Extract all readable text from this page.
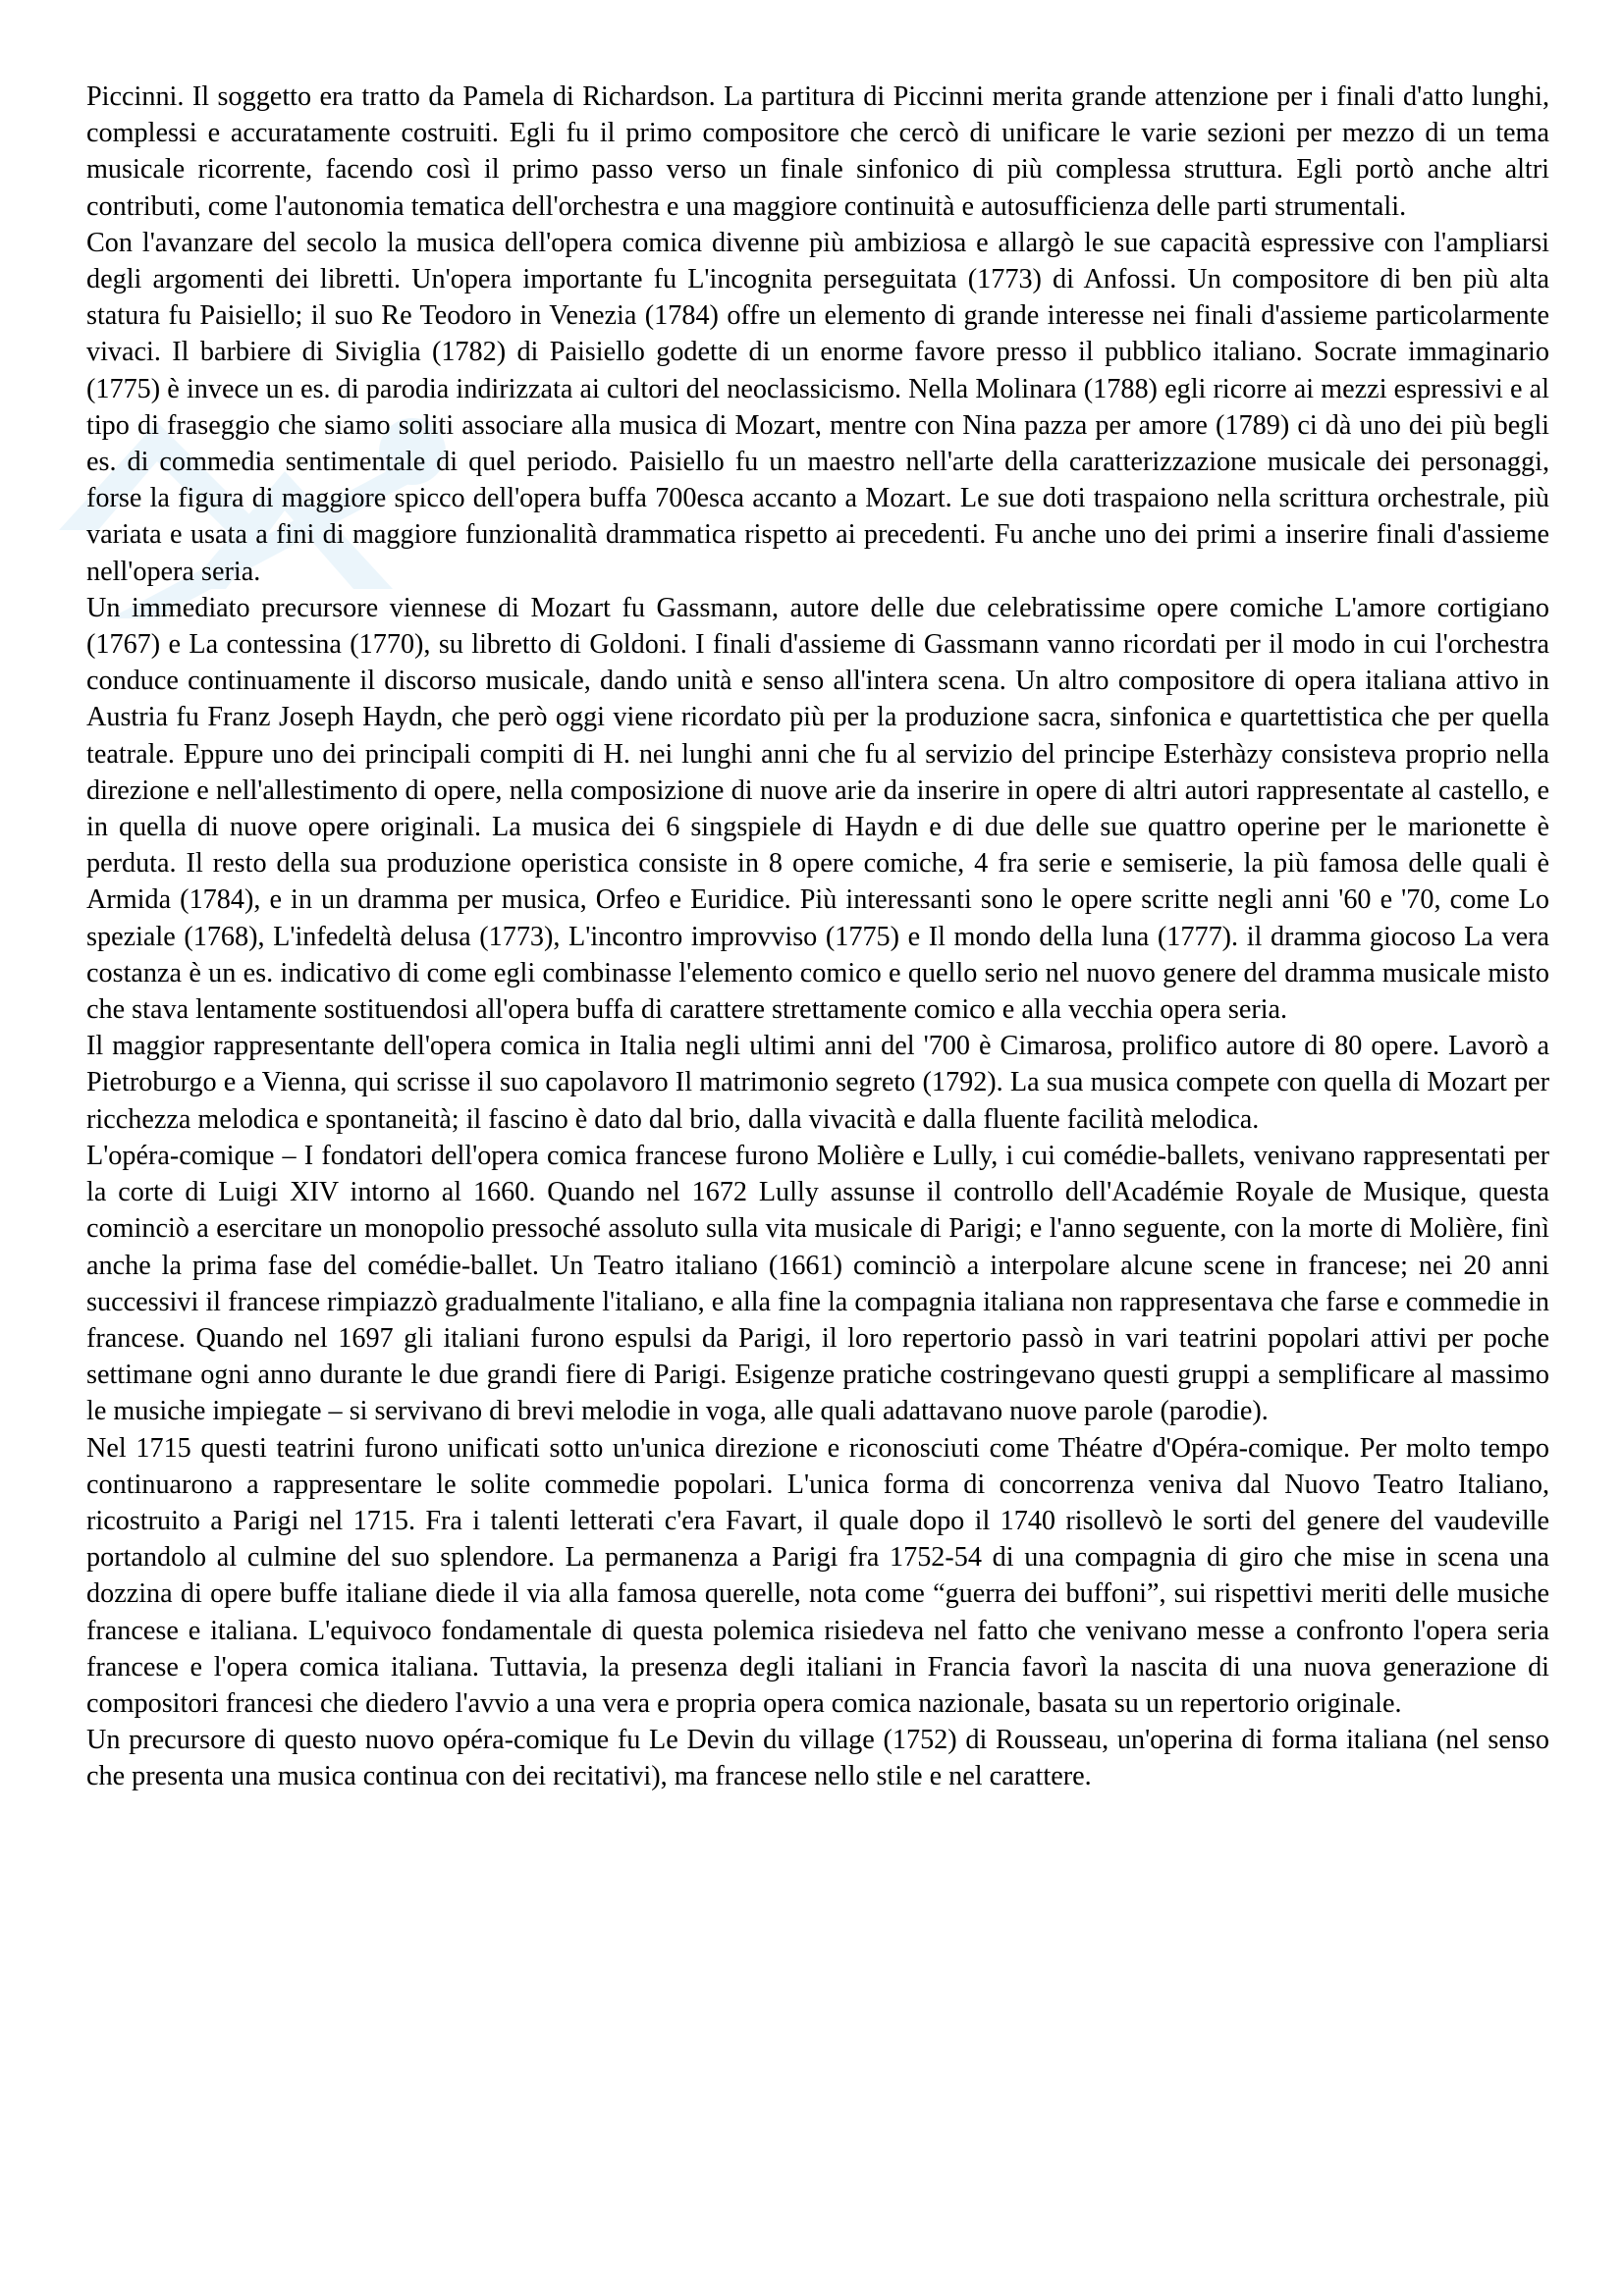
Piccinni. Il soggetto era tratto da Pamela di Richardson. La partitura di Piccinni merita grande attenzione per i finali d'atto lunghi, complessi e accuratamente costruiti. Egli fu il primo compositore che cercò di unificare le varie sezioni per mezzo di un tema musicale ricorrente, facendo così il primo passo verso un finale sinfonico di più complessa struttura. Egli portò anche altri contributi, come l'autonomia tematica dell'orchestra e una maggiore continuità e autosufficienza delle parti strumentali.

Con l'avanzare del secolo la musica dell'opera comica divenne più ambiziosa e allargò le sue capacità espressive con l'ampliarsi degli argomenti dei libretti. Un'opera importante fu L'incognita perseguitata (1773) di Anfossi. Un compositore di ben più alta statura fu Paisiello; il suo Re Teodoro in Venezia (1784) offre un elemento di grande interesse nei finali d'assieme particolarmente vivaci. Il barbiere di Siviglia (1782) di Paisiello godette di un enorme favore presso il pubblico italiano. Socrate immaginario (1775) è invece un es. di parodia indirizzata ai cultori del neoclassicismo. Nella Molinara (1788) egli ricorre ai mezzi espressivi e al tipo di fraseggio che siamo soliti associare alla musica di Mozart, mentre con Nina pazza per amore (1789) ci dà uno dei più begli es. di commedia sentimentale di quel periodo. Paisiello fu un maestro nell'arte della caratterizzazione musicale dei personaggi, forse la figura di maggiore spicco dell'opera buffa 700esca accanto a Mozart. Le sue doti traspaiono nella scrittura orchestrale, più variata e usata a fini di maggiore funzionalità drammatica rispetto ai precedenti. Fu anche uno dei primi a inserire finali d'assieme nell'opera seria.

Un immediato precursore viennese di Mozart fu Gassmann, autore delle due celebratissime opere comiche L'amore cortigiano (1767) e La contessina (1770), su libretto di Goldoni. I finali d'assieme di Gassmann vanno ricordati per il modo in cui l'orchestra conduce continuamente il discorso musicale, dando unità e senso all'intera scena. Un altro compositore di opera italiana attivo in Austria fu Franz Joseph Haydn, che però oggi viene ricordato più per la produzione sacra, sinfonica e quartettistica che per quella teatrale. Eppure uno dei principali compiti di H. nei lunghi anni che fu al servizio del principe Esterhàzy consisteva proprio nella direzione e nell'allestimento di opere, nella composizione di nuove arie da inserire in opere di altri autori rappresentate al castello, e in quella di nuove opere originali. La musica dei 6 singspiele di Haydn e di due delle sue quattro operine per le marionette è perduta. Il resto della sua produzione operistica consiste in 8 opere comiche, 4 fra serie e semiserie, la più famosa delle quali è Armida (1784), e in un dramma per musica, Orfeo e Euridice. Più interessanti sono le opere scritte negli anni '60 e '70, come Lo speziale (1768), L'infedeltà delusa (1773), L'incontro improvviso (1775) e Il mondo della luna (1777). il dramma giocoso La vera costanza è un es. indicativo di come egli combinasse l'elemento comico e quello serio nel nuovo genere del dramma musicale misto che stava lentamente sostituendosi all'opera buffa di carattere strettamente comico e alla vecchia opera seria.

Il maggior rappresentante dell'opera comica in Italia negli ultimi anni del '700 è Cimarosa, prolifico autore di 80 opere. Lavorò a Pietroburgo e a Vienna, qui scrisse il suo capolavoro Il matrimonio segreto (1792). La sua musica compete con quella di Mozart per ricchezza melodica e spontaneità; il fascino è dato dal brio, dalla vivacità e dalla fluente facilità melodica.

L'opéra-comique – I fondatori dell'opera comica francese furono Molière e Lully, i cui comédie-ballets, venivano rappresentati per la corte di Luigi XIV intorno al 1660. Quando nel 1672 Lully assunse il controllo dell'Académie Royale de Musique, questa cominciò a esercitare un monopolio pressoché assoluto sulla vita musicale di Parigi; e l'anno seguente, con la morte di Molière, finì anche la prima fase del comédie-ballet. Un Teatro italiano (1661) cominciò a interpolare alcune scene in francese; nei 20 anni successivi il francese rimpiazzò gradualmente l'italiano, e alla fine la compagnia italiana non rappresentava che farse e commedie in francese. Quando nel 1697 gli italiani furono espulsi da Parigi, il loro repertorio passò in vari teatrini popolari attivi per poche settimane ogni anno durante le due grandi fiere di Parigi. Esigenze pratiche costringevano questi gruppi a semplificare al massimo le musiche impiegate – si servivano di brevi melodie in voga, alle quali adattavano nuove parole (parodie).

Nel 1715 questi teatrini furono unificati sotto un'unica direzione e riconosciuti come Théatre d'Opéra-comique. Per molto tempo continuarono a rappresentare le solite commedie popolari. L'unica forma di concorrenza veniva dal Nuovo Teatro Italiano, ricostruito a Parigi nel 1715. Fra i talenti letterati c'era Favart, il quale dopo il 1740 risollevò le sorti del genere del vaudeville portandolo al culmine del suo splendore. La permanenza a Parigi fra 1752-54 di una compagnia di giro che mise in scena una dozzina di opere buffe italiane diede il via alla famosa querelle, nota come “guerra dei buffoni”, sui rispettivi meriti delle musiche francese e italiana. L'equivoco fondamentale di questa polemica risiedeva nel fatto che venivano messe a confronto l'opera seria francese e l'opera comica italiana. Tuttavia, la presenza degli italiani in Francia favorì la nascita di una nuova generazione di compositori francesi che diedero l'avvio a una vera e propria opera comica nazionale, basata su un repertorio originale.

Un precursore di questo nuovo opéra-comique fu Le Devin du village (1752) di Rousseau, un'operina di forma italiana (nel senso che presenta una musica continua con dei recitativi), ma francese nello stile e nel carattere.
